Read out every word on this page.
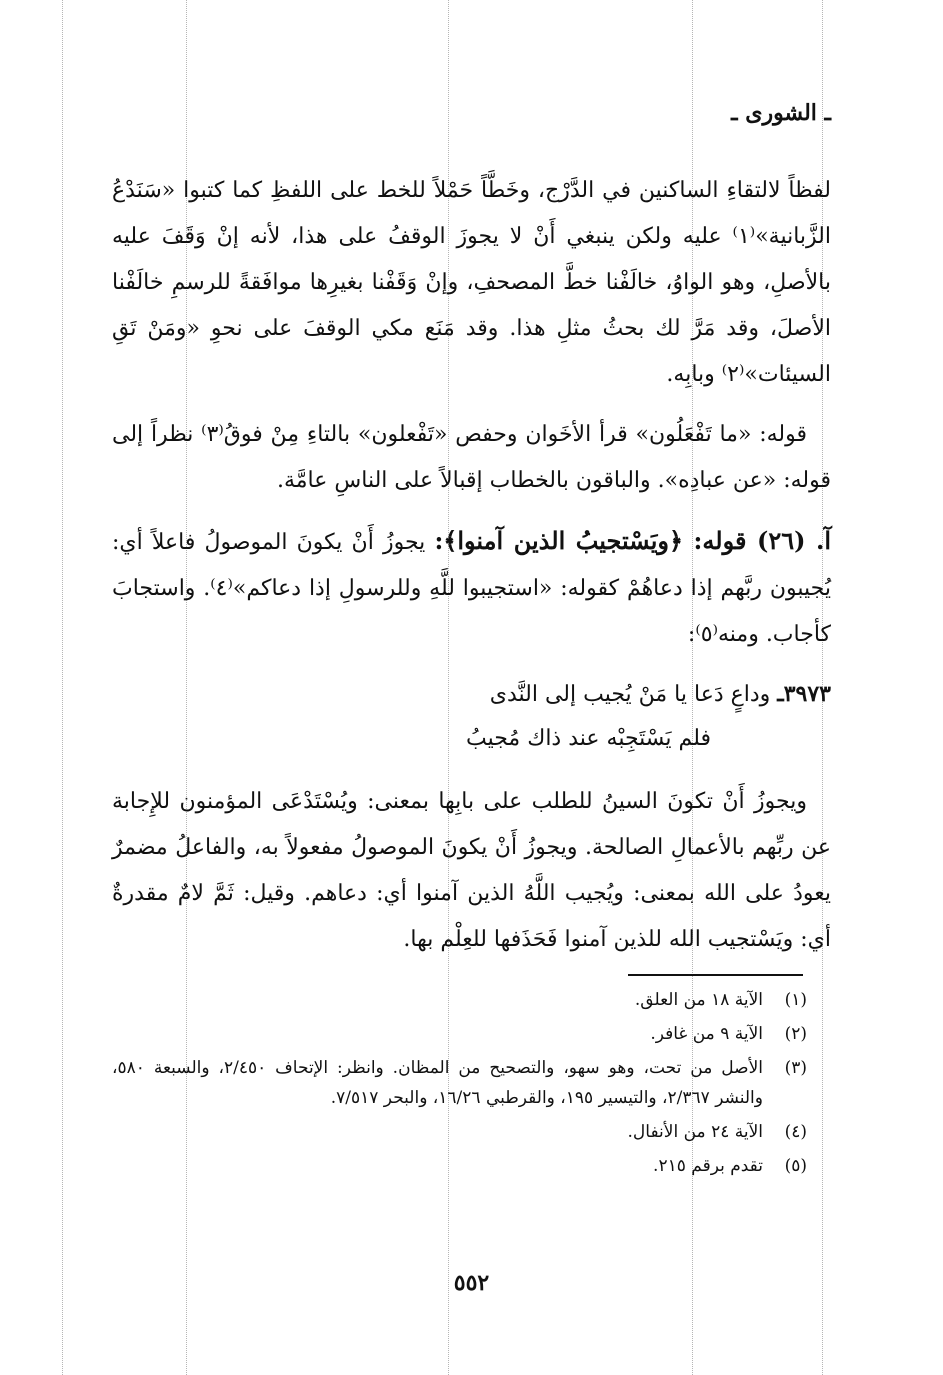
ـ الشورى ـ

لفظاً لالتقاءِ الساكنين في الدَّرْج، وخَطَّاً حَمْلاً للخط على اللفظِ كما كتبوا «سَنَدْعُ الزَّبانية»⁽١⁾ عليه ولكن ينبغي أَنْ لا يجوزَ الوقفُ على هذا، لأنه إنْ وَقَفَ عليه بالأصلِ، وهو الواوُ، خالَفْنا خطَّ المصحفِ، وإنْ وَقَفْنا بغيرِها موافَقةً للرسمِ خالَفْنا الأصلَ، وقد مَرَّ لك بحثُ مثلِ هذا. وقد مَنَع مكي الوقفَ على نحوِ «ومَنْ تَقِ السيئات»⁽٢⁾ وبابِه.

قوله: «ما تَفْعَلُون» قرأ الأخَوان وحفص «تَفْعلون» بالتاءِ مِنْ فوقُ⁽٣⁾ نظراً إلى قوله: «عن عبادِه». والباقون بالخطاب إقبالاً على الناسِ عامَّة.

آ. (٢٦) قوله: ﴿ويَسْتجيبُ الذين آمنوا﴾: يجوزُ أَنْ يكونَ الموصولُ فاعلاً أي: يُجيبون ربَّهم إذا دعاهُمْ كقوله: «استجيبوا للَّهِ وللرسولِ إذا دعاكم»⁽٤⁾. واستجابَ كأجاب. ومنه⁽٥⁾:

٣٩٧٣ـ وداعٍ دَعا يا مَنْ يُجيب إلى النَّدى

فلم يَسْتَجِبْه عند ذاك مُجيبُ

ويجوزُ أَنْ تكونَ السينُ للطلب على بابِها بمعنى: ويُسْتَدْعَى المؤمنون للإِجابة عن ربِّهم بالأعمالِ الصالحة. ويجوزُ أَنْ يكونَ الموصولُ مفعولاً به، والفاعلُ مضمرٌ يعودُ على الله بمعنى: ويُجيب اللَّهُ الذين آمنوا أي: دعاهم. وقيل: ثَمَّ لامٌ مقدرةٌ أي: ويَسْتجيب الله للذين آمنوا فَحَذَفها للعِلْم بها.

(١)
الآية ١٨ من العلق.
(٢)
الآية ٩ من غافر.
(٣)
الأصل من تحت، وهو سهو، والتصحيح من المظان. وانظر: الإتحاف ٢/٤٥٠، والسبعة ٥٨٠، والنشر ٢/٣٦٧، والتيسير ١٩٥، والقرطبي ١٦/٢٦، والبحر ٧/٥١٧.
(٤)
الآية ٢٤ من الأنفال.
(٥)
تقدم برقم ٢١٥.
٥٥٢
